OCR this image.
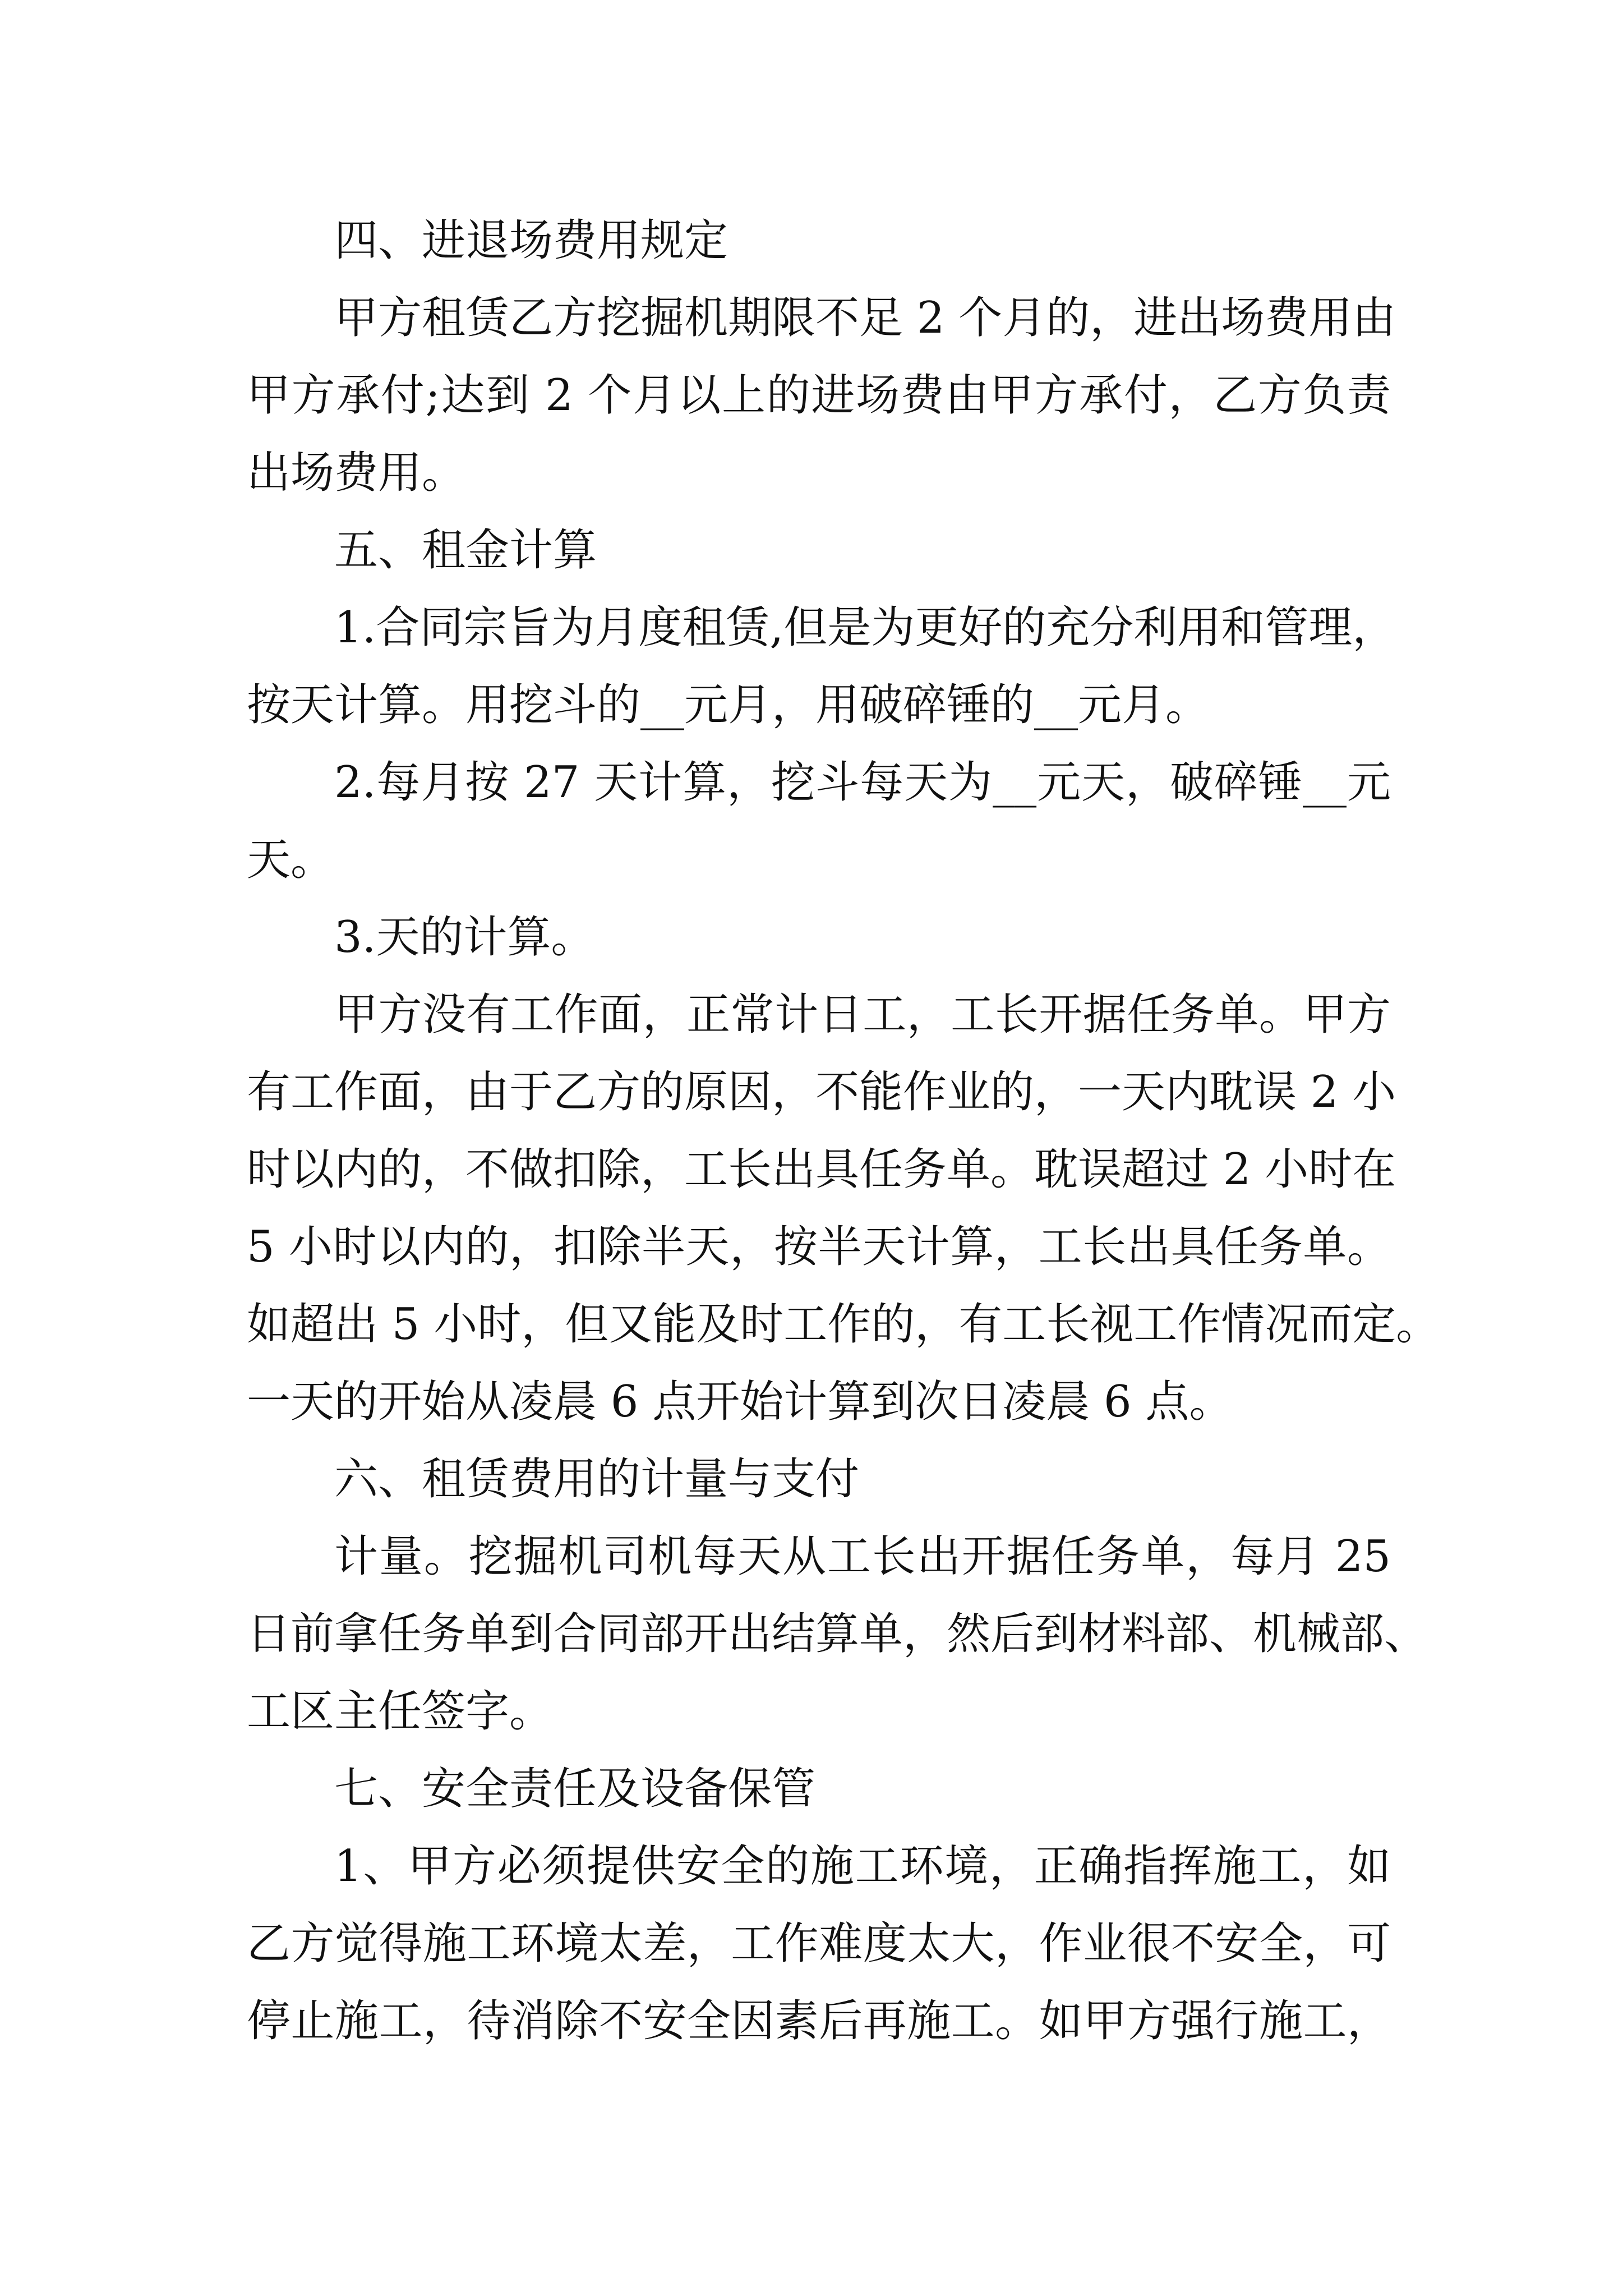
四、进退场费用规定
甲方租赁乙方挖掘机期限不足 2 个月的，进出场费用由
甲方承付;达到 2 个月以上的进场费由甲方承付，乙方负责
出场费用。
五、租金计算
1.合同宗旨为月度租赁,但是为更好的充分利用和管理，
按天计算。用挖斗的__元月，用破碎锤的__元月。
2.每月按 27 天计算，挖斗每天为__元天，破碎锤__元
天。
3.天的计算。
甲方没有工作面，正常计日工，工长开据任务单。甲方
有工作面，由于乙方的原因，不能作业的，一天内耽误 2 小
时以内的，不做扣除，工长出具任务单。耽误超过 2 小时在
5 小时以内的，扣除半天，按半天计算，工长出具任务单。
如超出 5 小时，但又能及时工作的，有工长视工作情况而定。
一天的开始从凌晨 6 点开始计算到次日凌晨 6 点。
六、租赁费用的计量与支付
计量。挖掘机司机每天从工长出开据任务单，每月 25
日前拿任务单到合同部开出结算单，然后到材料部、机械部、
工区主任签字。
七、安全责任及设备保管
1、甲方必须提供安全的施工环境，正确指挥施工，如
乙方觉得施工环境太差，工作难度太大，作业很不安全，可
停止施工，待消除不安全因素后再施工。如甲方强行施工，
